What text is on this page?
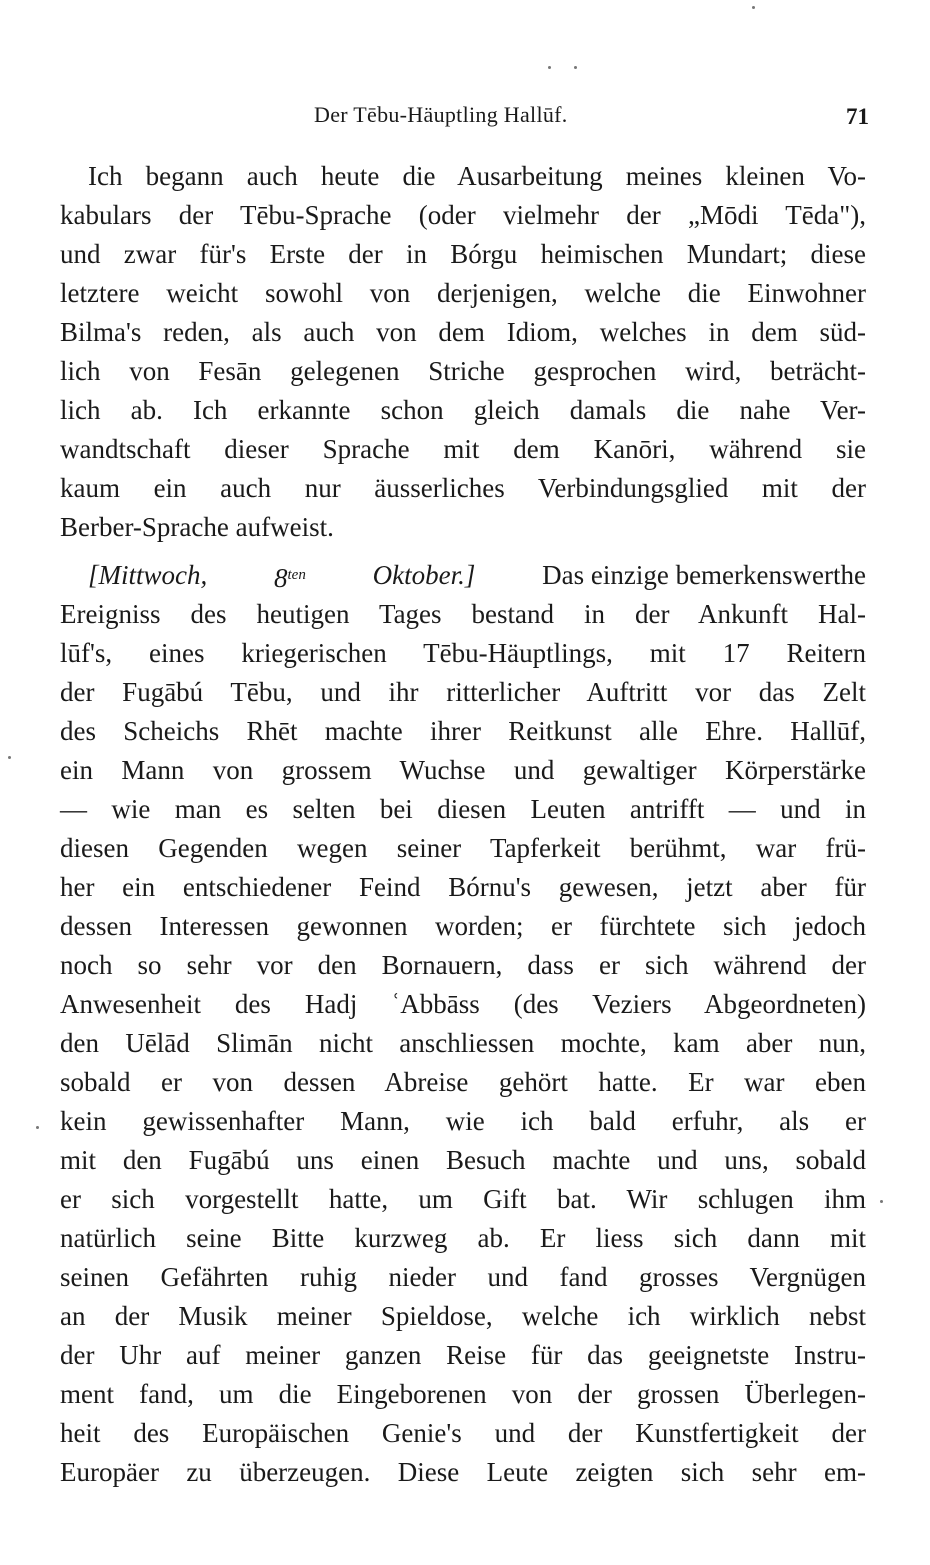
Der Tēbu-Häuptling Hallūf.	71
Ich begann auch heute die Ausarbeitung meines kleinen Vo-
kabulars der Tēbu-Sprache (oder vielmehr der „Mōdi Tēda"),
und zwar für's Erste der in Bórgu heimischen Mundart; diese
letztere weicht sowohl von derjenigen, welche die Einwohner
Bilma's reden, als auch von dem Idiom, welches in dem süd-
lich von Fesān gelegenen Striche gesprochen wird, beträcht-
lich ab. Ich erkannte schon gleich damals die nahe Ver-
wandtschaft dieser Sprache mit dem Kanōri, während sie
kaum ein auch nur äusserliches Verbindungsglied mit der
Berber-Sprache aufweist.
[Mittwoch, $8^{ten}$ Oktober.] Das einzige bemerkenswerthe
Ereigniss des heutigen Tages bestand in der Ankunft Hal-
lūf's, eines kriegerischen Tēbu-Häuptlings, mit 17 Reitern
der Fugābú Tēbu, und ihr ritterlicher Auftritt vor das Zelt
des Scheichs Rhēt machte ihrer Reitkunst alle Ehre. Hallūf,
ein Mann von grossem Wuchse und gewaltiger Körperstärke
— wie man es selten bei diesen Leuten antrifft — und in
diesen Gegenden wegen seiner Tapferkeit berühmt, war frü-
her ein entschiedener Feind Bórnu's gewesen, jetzt aber für
dessen Interessen gewonnen worden; er fürchtete sich jedoch
noch so sehr vor den Bornauern, dass er sich während der
Anwesenheit des Hadj ʿAbbāss (des Veziers Abgeordneten)
den Uēlād Slimān nicht anschliessen mochte, kam aber nun,
sobald er von dessen Abreise gehört hatte. Er war eben
kein gewissenhafter Mann, wie ich bald erfuhr, als er
mit den Fugābú uns einen Besuch machte und uns, sobald
er sich vorgestellt hatte, um Gift bat. Wir schlugen ihm
natürlich seine Bitte kurzweg ab. Er liess sich dann mit
seinen Gefährten ruhig nieder und fand grosses Vergnügen
an der Musik meiner Spieldose, welche ich wirklich nebst
der Uhr auf meiner ganzen Reise für das geeignetste Instru-
ment fand, um die Eingeborenen von der grossen Überlegen-
heit des Europäischen Genie's und der Kunstfertigkeit der
Europäer zu überzeugen. Diese Leute zeigten sich sehr em-
